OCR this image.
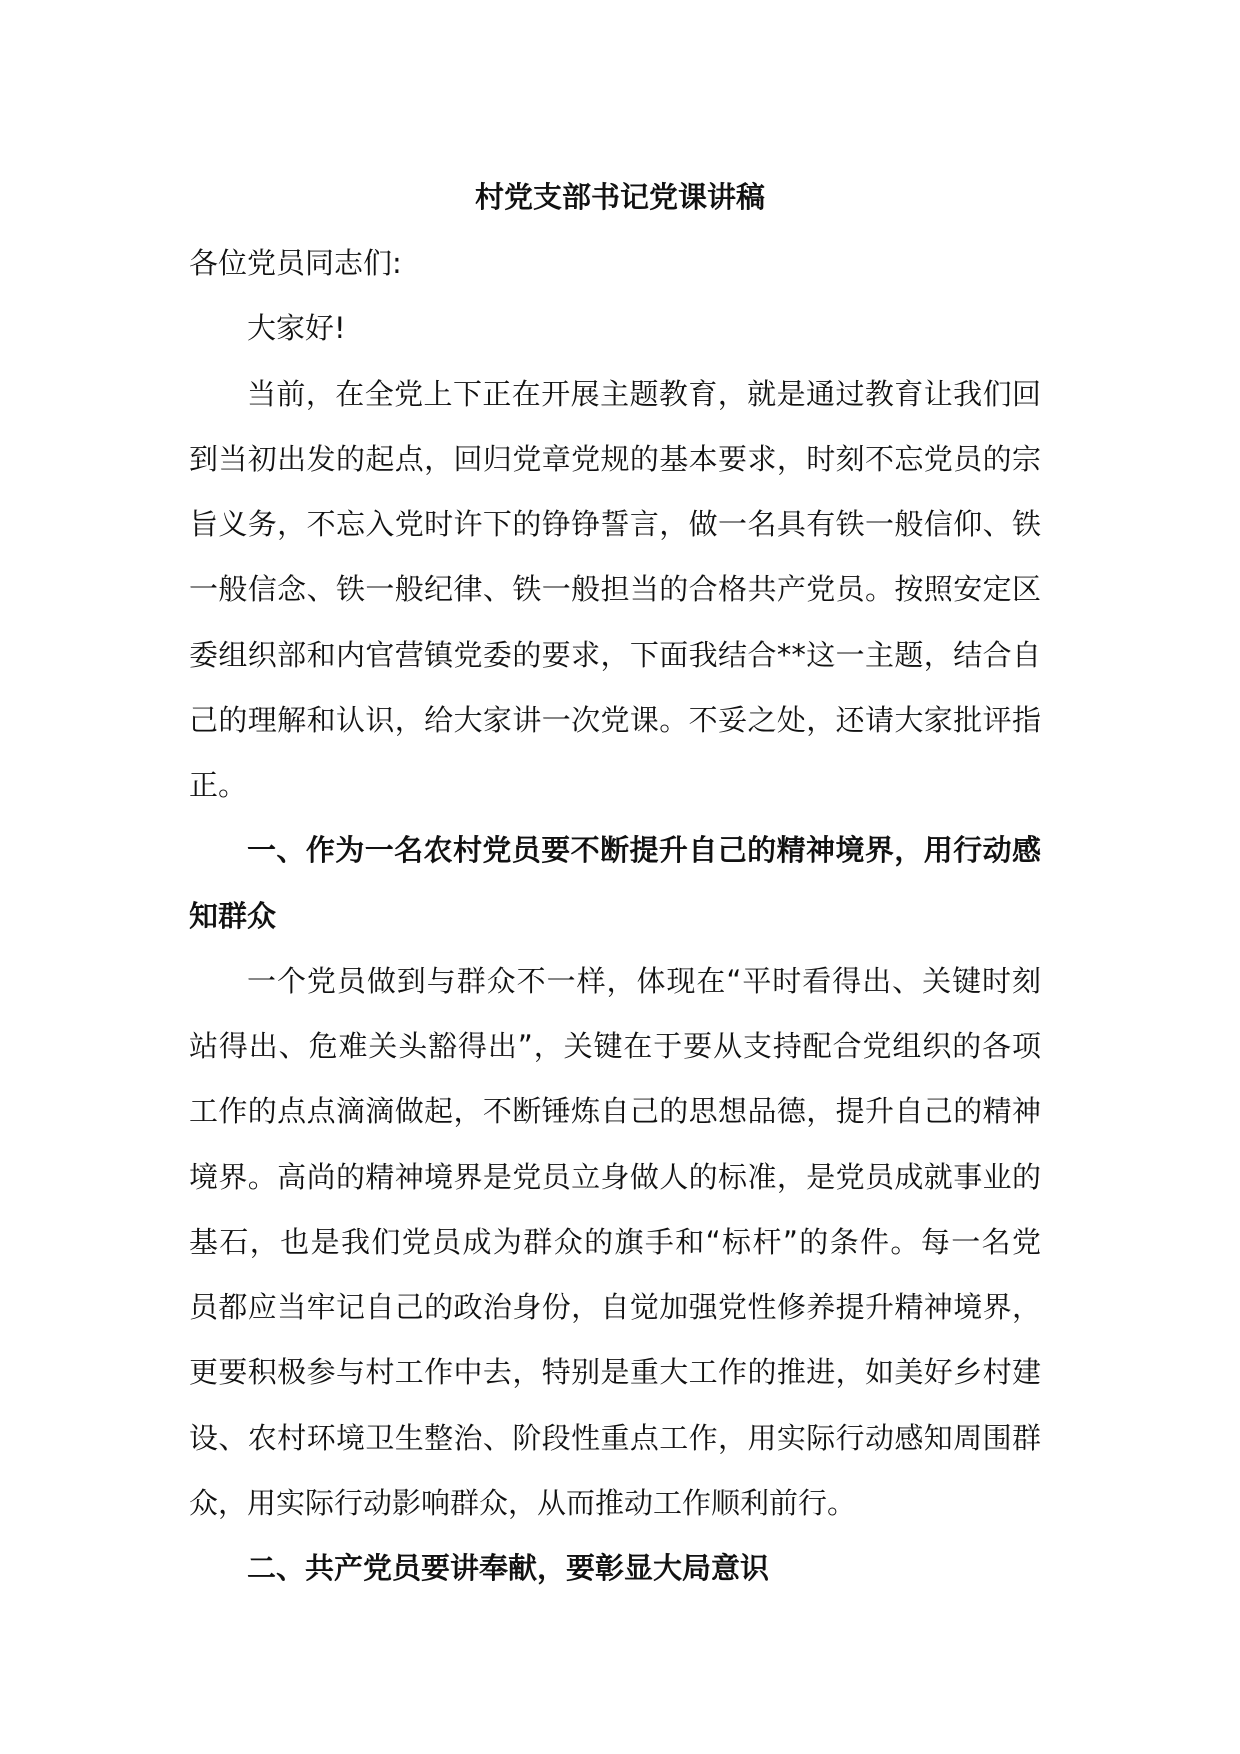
村党支部书记党课讲稿
各位党员同志们:
大家好!
当前，在全党上下正在开展主题教育，就是通过教育让我们回
到当初出发的起点，回归党章党规的基本要求，时刻不忘党员的宗
旨义务，不忘入党时许下的铮铮誓言，做一名具有铁一般信仰、铁
一般信念、铁一般纪律、铁一般担当的合格共产党员。按照安定区
委组织部和内官营镇党委的要求，下面我结合**这一主题，结合自
己的理解和认识，给大家讲一次党课。不妥之处，还请大家批评指
正。
一、作为一名农村党员要不断提升自己的精神境界，用行动感
知群众
一个党员做到与群众不一样，体现在“平时看得出、关键时刻
站得出、危难关头豁得出”，关键在于要从支持配合党组织的各项
工作的点点滴滴做起，不断锤炼自己的思想品德，提升自己的精神
境界。高尚的精神境界是党员立身做人的标准，是党员成就事业的
基石，也是我们党员成为群众的旗手和“标杆”的条件。每一名党
员都应当牢记自己的政治身份，自觉加强党性修养提升精神境界，
更要积极参与村工作中去，特别是重大工作的推进，如美好乡村建
设、农村环境卫生整治、阶段性重点工作，用实际行动感知周围群
众，用实际行动影响群众，从而推动工作顺利前行。
二、共产党员要讲奉献，要彰显大局意识
